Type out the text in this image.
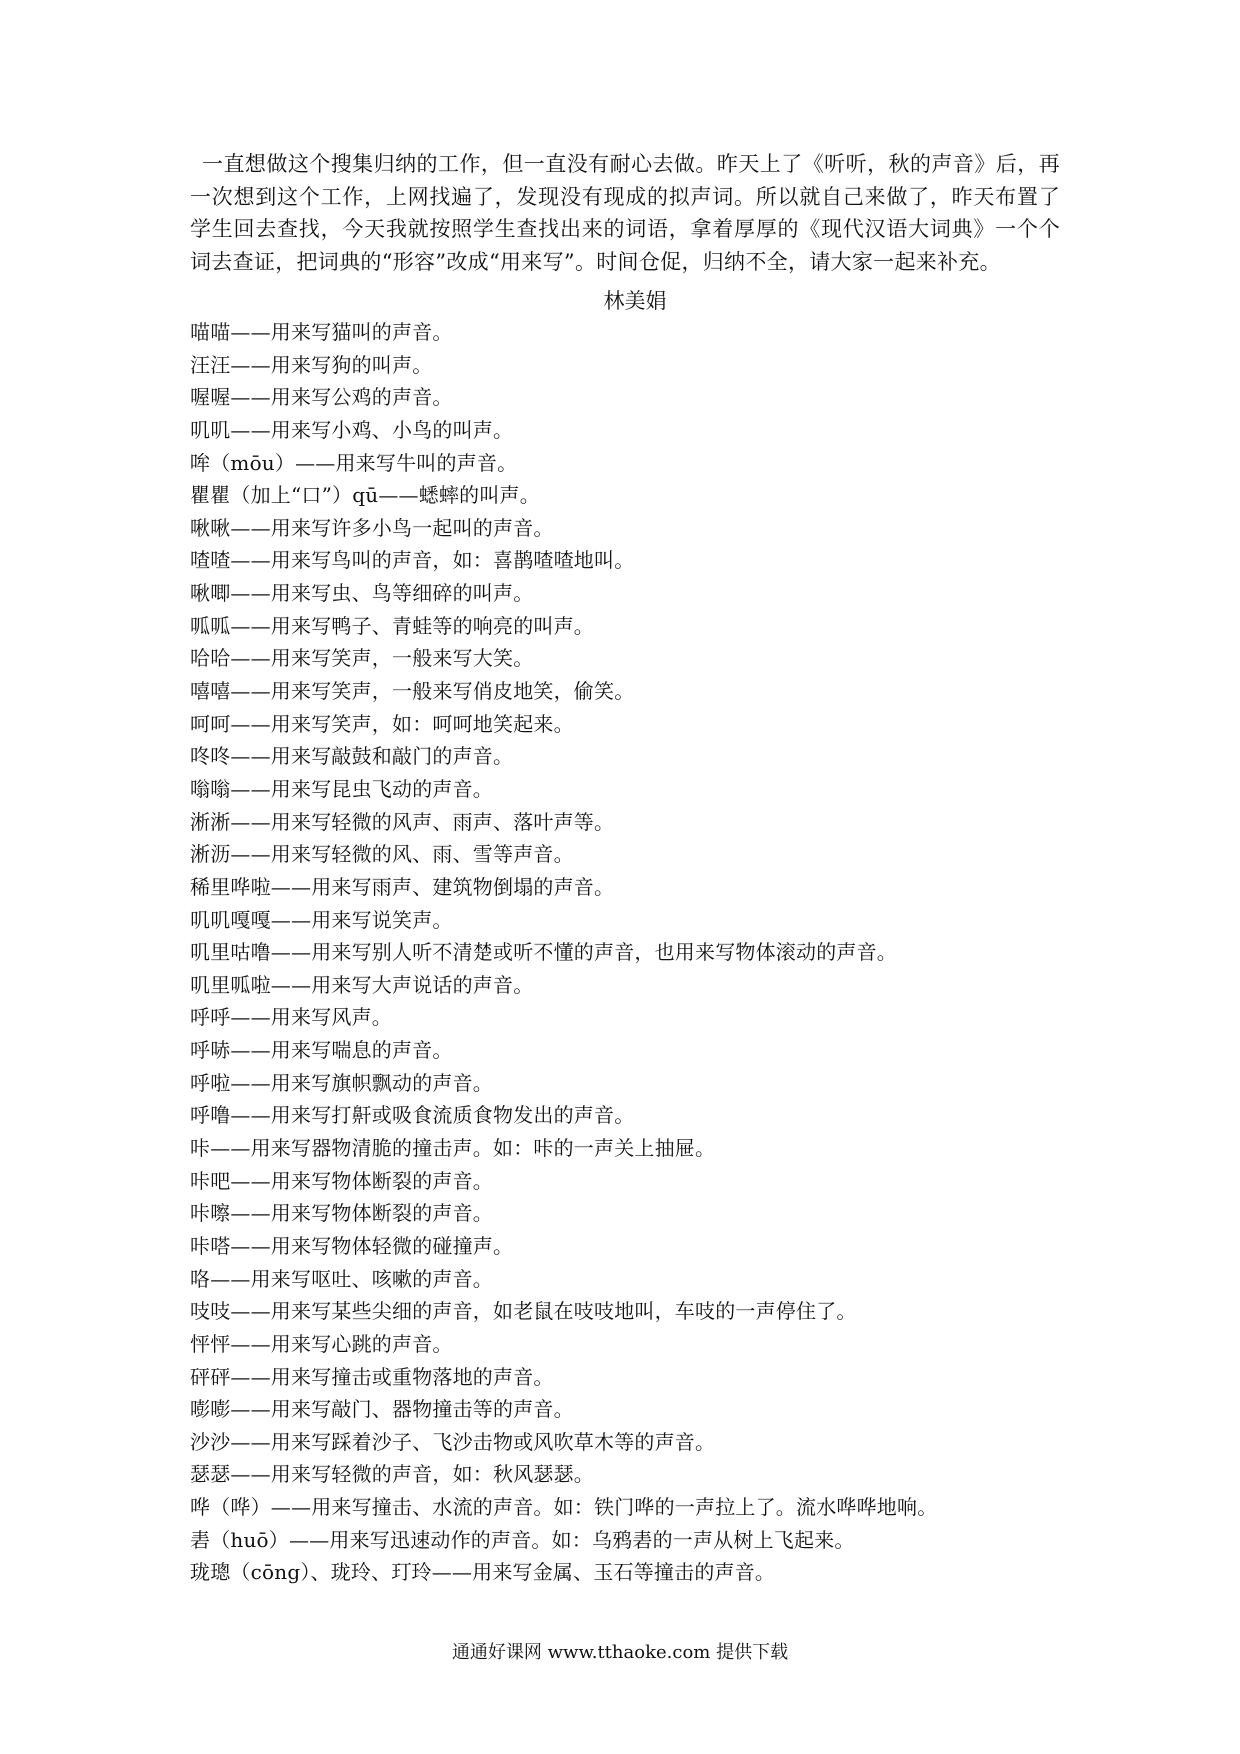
一直想做这个搜集归纳的工作，但一直没有耐心去做。昨天上了《听听，秋的声音》后，再一次想到这个工作，上网找遍了，发现没有现成的拟声词。所以就自己来做了，昨天布置了学生回去查找，今天我就按照学生查找出来的词语，拿着厚厚的《现代汉语大词典》一个个词去查证，把词典的“形容”改成“用来写”。时间仓促，归纳不全，请大家一起来补充。

林美娟

喵喵——用来写猫叫的声音。
汪汪——用来写狗的叫声。
喔喔——用来写公鸡的声音。
叽叽——用来写小鸡、小鸟的叫声。
哞（mōu）——用来写牛叫的声音。
瞿瞿（加上“口”）qū——蟋蟀的叫声。
啾啾——用来写许多小鸟一起叫的声音。
喳喳——用来写鸟叫的声音，如：喜鹊喳喳地叫。
啾唧——用来写虫、鸟等细碎的叫声。
呱呱——用来写鸭子、青蛙等的响亮的叫声。
哈哈——用来写笑声，一般来写大笑。
嘻嘻——用来写笑声，一般来写俏皮地笑，偷笑。
呵呵——用来写笑声，如：呵呵地笑起来。
咚咚——用来写敲鼓和敲门的声音。
嗡嗡——用来写昆虫飞动的声音。
淅淅——用来写轻微的风声、雨声、落叶声等。
淅沥——用来写轻微的风、雨、雪等声音。
稀里哗啦——用来写雨声、建筑物倒塌的声音。
叽叽嘎嘎——用来写说笑声。
叽里咕噜——用来写别人听不清楚或听不懂的声音，也用来写物体滚动的声音。
叽里呱啦——用来写大声说话的声音。
呼呼——用来写风声。
呼哧——用来写喘息的声音。
呼啦——用来写旗帜飘动的声音。
呼噜——用来写打鼾或吸食流质食物发出的声音。
咔——用来写器物清脆的撞击声。如：咔的一声关上抽屉。
咔吧——用来写物体断裂的声音。
咔嚓——用来写物体断裂的声音。
咔嗒——用来写物体轻微的碰撞声。
咯——用来写呕吐、咳嗽的声音。
吱吱——用来写某些尖细的声音，如老鼠在吱吱地叫，车吱的一声停住了。
怦怦——用来写心跳的声音。
砰砰——用来写撞击或重物落地的声音。
嘭嘭——用来写敲门、器物撞击等的声音。
沙沙——用来写踩着沙子、飞沙击物或风吹草木等的声音。
瑟瑟——用来写轻微的声音，如：秋风瑟瑟。
哗（哗）——用来写撞击、水流的声音。如：铁门哗的一声拉上了。流水哗哗地响。
砉（huō）——用来写迅速动作的声音。如：乌鸦砉的一声从树上飞起来。
珑璁（cōng）、珑玲、玎玲——用来写金属、玉石等撞击的声音。

通通好课网 www.tthaoke.com 提供下载
